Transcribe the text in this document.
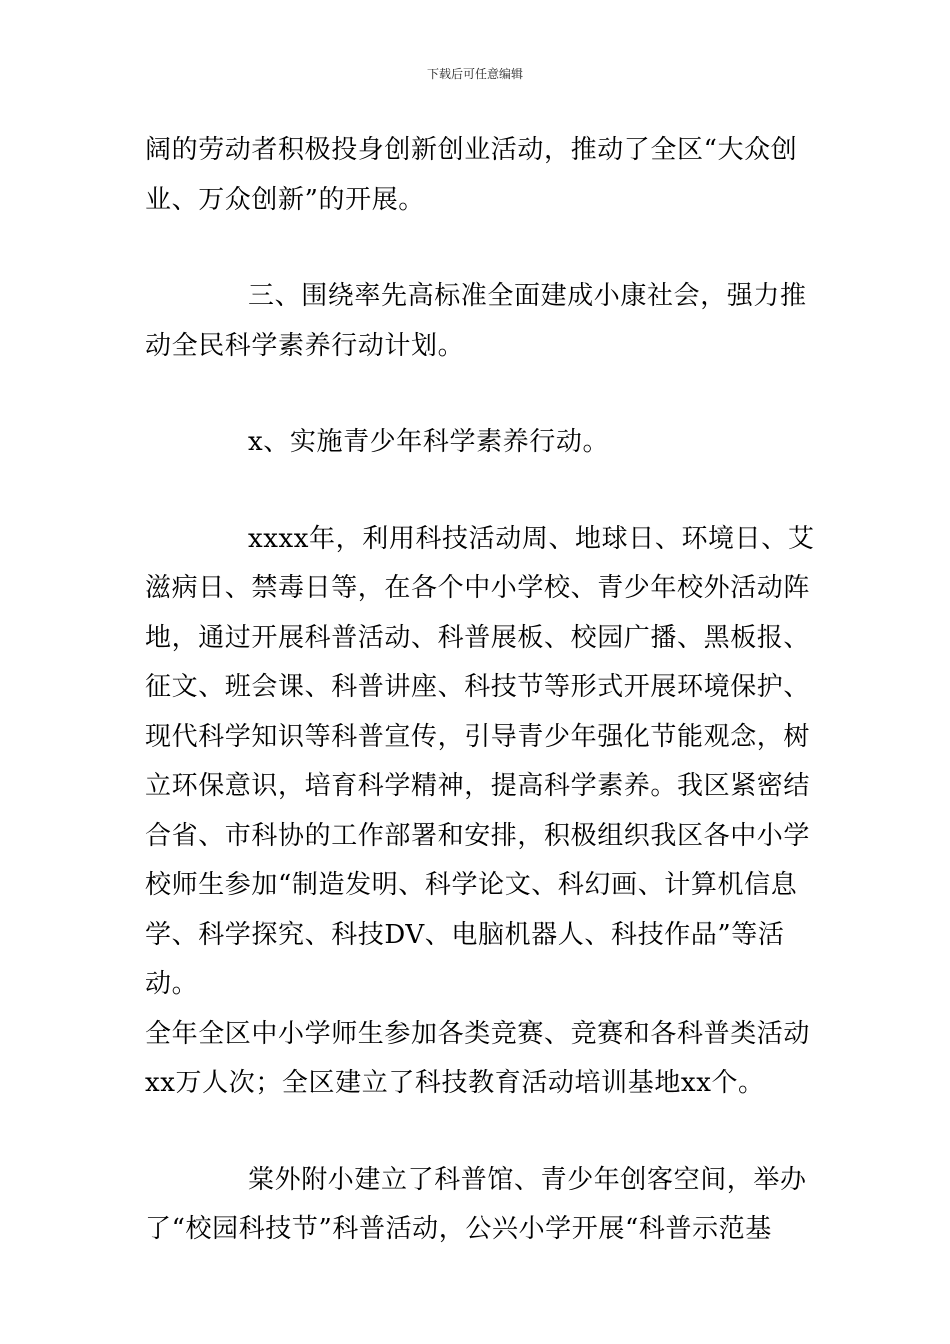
下载后可任意编辑

阔的劳动者积极投身创新创业活动，推动了全区“大众创
业、万众创新”的开展。

三、围绕率先高标准全面建成小康社会，强力推
动全民科学素养行动计划。

x、实施青少年科学素养行动。

xxxx年，利用科技活动周、地球日、环境日、艾
滋病日、禁毒日等，在各个中小学校、青少年校外活动阵
地，通过开展科普活动、科普展板、校园广播、黑板报、
征文、班会课、科普讲座、科技节等形式开展环境保护、
现代科学知识等科普宣传，引导青少年强化节能观念，树
立环保意识，培育科学精神，提高科学素养。我区紧密结
合省、市科协的工作部署和安排，积极组织我区各中小学
校师生参加“制造发明、科学论文、科幻画、计算机信息
学、科学探究、科技DV、电脑机器人、科技作品”等活动。
全年全区中小学师生参加各类竞赛、竞赛和各科普类活动
xx万人次；全区建立了科技教育活动培训基地xx个。

棠外附小建立了科普馆、青少年创客空间，举办
了“校园科技节”科普活动，公兴小学开展“科普示范基
